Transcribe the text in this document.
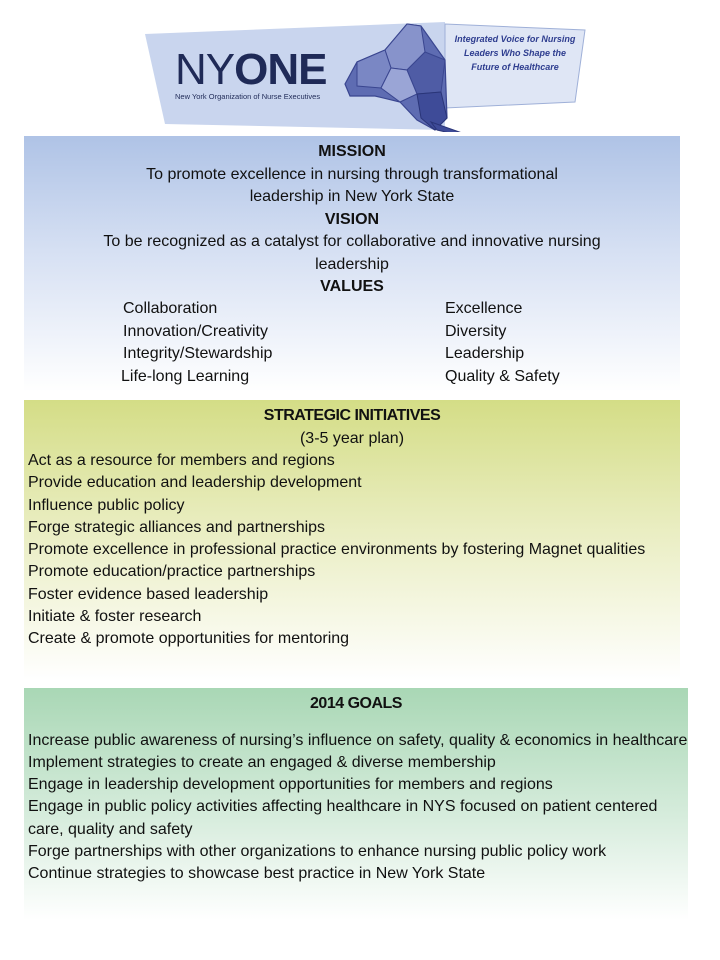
NYONE
New York Organization of Nurse Executives
Integrated Voice for Nursing
Leaders Who Shape the
Future of Healthcare
MISSION
To promote excellence in nursing through transformational
leadership in New York State
VISION
To be recognized as a catalyst for collaborative and innovative nursing
leadership
VALUES
Collaboration	Excellence
Innovation/Creativity	Diversity
Integrity/Stewardship	Leadership
Life-long Learning	Quality & Safety
STRATEGIC INITIATIVES
(3-5 year plan)
Act as a resource for members and regions
Provide education and leadership development
Influence public policy
Forge strategic alliances and partnerships
Promote excellence in professional practice environments by fostering Magnet qualities
Promote education/practice partnerships
Foster evidence based leadership
Initiate & foster research
Create & promote opportunities for mentoring
2014 GOALS
Increase public awareness of nursing’s influence on safety, quality & economics in healthcare
Implement strategies to create an engaged & diverse membership
Engage in leadership development opportunities for members and regions
Engage in public policy activities affecting healthcare in NYS focused on patient centered care, quality and safety
Forge partnerships with other organizations to enhance nursing public policy work
Continue strategies to showcase best practice in New York State
